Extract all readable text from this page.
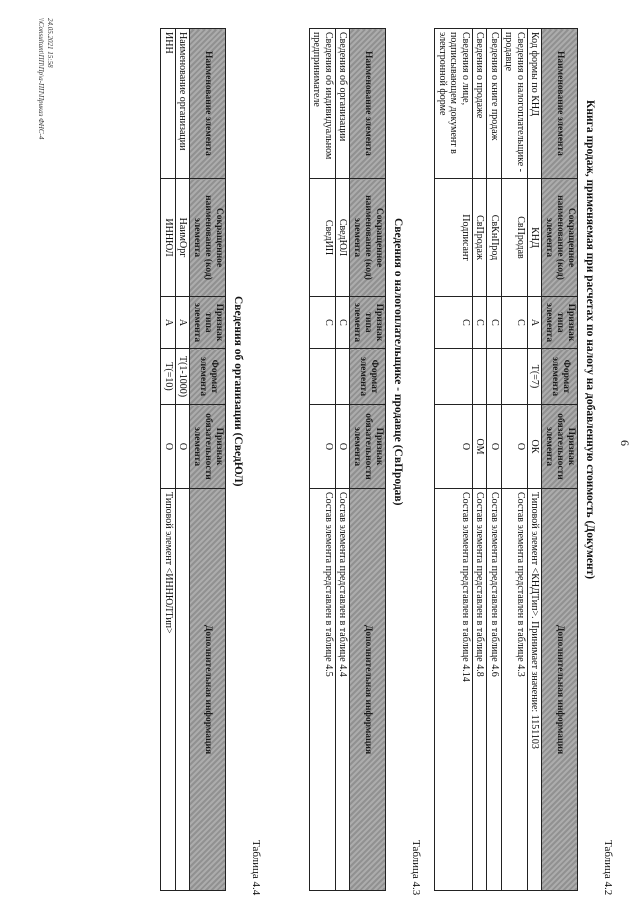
6
Таблица 4.2
Книга продаж, применяемая при расчетах по налогу на добавленную стоимость (Документ)
Наименование элемента	Сокращенное наименование (код) элемента	Признак типа элемента	Формат элемента	Признак обязательности элемента	Дополнительная информация
Код формы по КНД	КНД	А	Т(=7)	ОК	Типовой элемент <КНДТип>. Принимает значение: 1151103
Сведения о налогоплательщике - продавце	СвПродав	С		О	Состав элемента представлен в таблице 4.3
Сведения о книге продаж	СвКнПрод	С		О	Состав элемента представлен в таблице 4.6
Сведения о продаже	СвПродаж	С		ОМ	Состав элемента представлен в таблице 4.8
Сведения о лице, подписывающем документ в электронной форме	Подписант	С		О	Состав элемента представлен в таблице 4.14
Таблица 4.3
Сведения о налогоплательщике - продавце (СвПродав)
Наименование элемента	Сокращенное наименование (код) элемента	Признак типа элемента	Формат элемента	Признак обязательности элемента	Дополнительная информация
Сведения об организации	СведЮЛ	С		О	Состав элемента представлен в таблице 4.4
Сведения об индивидуальном предпринимателе	СведИП	С		О	Состав элемента представлен в таблице 4.5
Таблица 4.4
Сведения об организации (СведЮЛ)
Наименование элемента	Сокращенное наименование (код) элемента	Признак типа элемента	Формат элемента	Признак обязательности элемента	Дополнительная информация
Наименование организации	НаимОрг	А	Т(1-1000)	О	
ИНН	ИННЮЛ	А	Т(=10)	О	Типовой элемент <ИННЮЛТип>
24.05.2021 15:58
\\Consultant\ПП\Пр\а-ПП\Приказ ФНС-4
